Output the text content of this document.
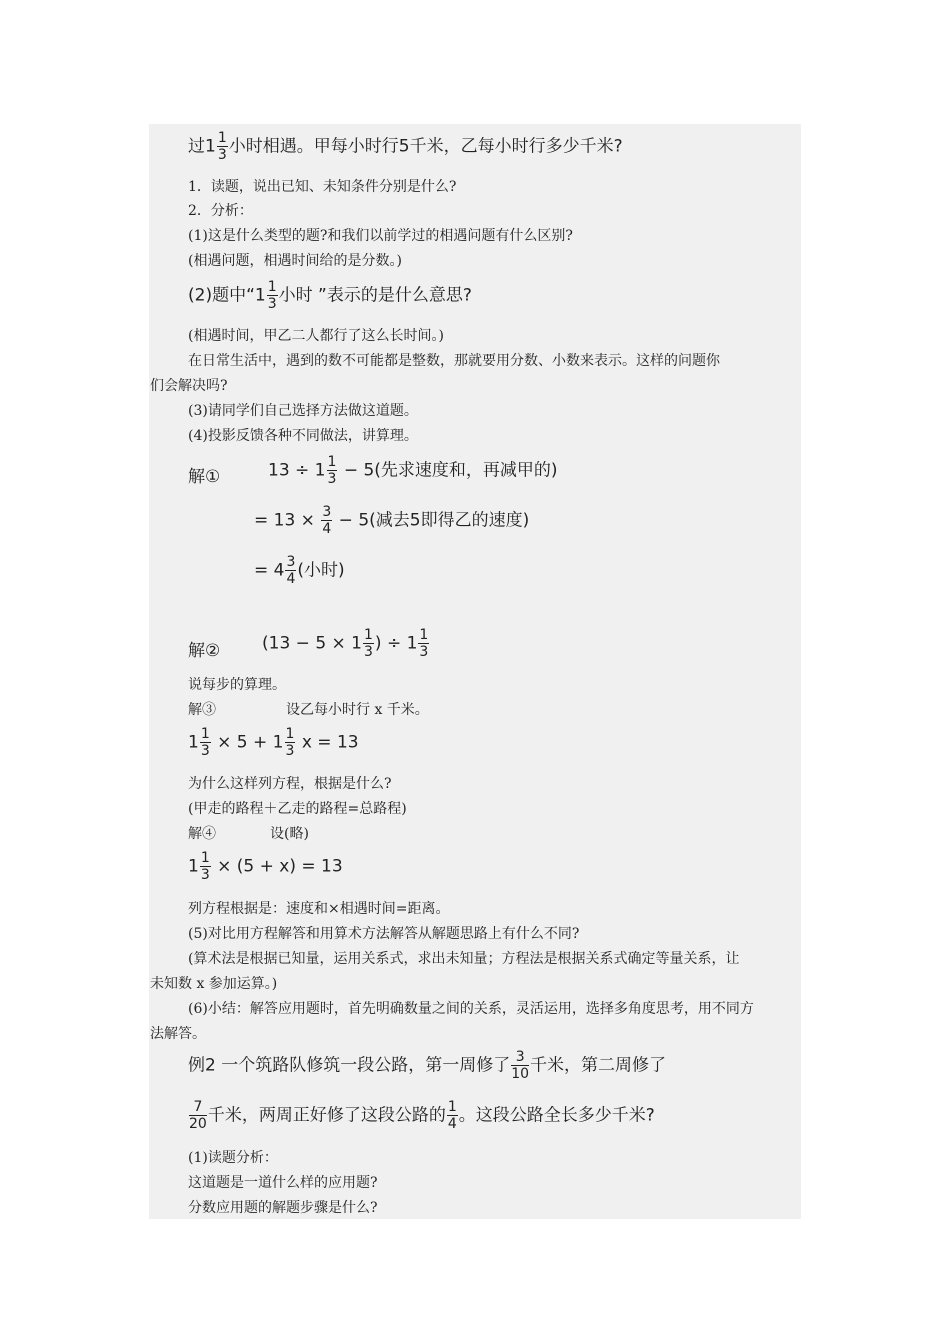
过$1 \frac{1}{3}$ 小时相遇。甲每小时行5千米，乙每小时行多少千米?
1．读题，说出已知、未知条件分别是什么?
2．分析：
(1)这是什么类型的题?和我们以前学过的相遇问题有什么区别?
(相遇问题，相遇时间给的是分数。)
(2)题中“$1 \frac{1}{3}$ 小时 ”表示的是什么意思?
(相遇时间，甲乙二人都行了这么长时间。)
在日常生活中，遇到的数不可能都是整数，那就要用分数、小数来表示。这样的问题你
们会解决吗?
(3)请同学们自己选择方法做这道题。
(4)投影反馈各种不同做法，讲算理。
解①	$13 \div 1 \frac{1}{3} - 5$(先求速度和，再减甲的)
= $13 \times \frac{3}{4} - 5$(减去5即得乙的速度)
= $4 \frac{3}{4}$ (小时)
解② ($13 - 5 \times 1 \frac{1}{3}$ ) ÷ $1 \frac{1}{3}$
说每步的算理。
解③	设乙每小时行 x 千米。
$1 \frac{1}{3} \times 5 + 1 \frac{1}{3}$ x = 13
为什么这样列方程，根据是什么?
(甲走的路程＋乙走的路程=总路程)
解④	设(略)
$1 \frac{1}{3} \times (5 + x) = 13$
列方程根据是：速度和×相遇时间=距离。
(5)对比用方程解答和用算术方法解答从解题思路上有什么不同?
(算术法是根据已知量，运用关系式，求出未知量；方程法是根据关系式确定等量关系，让
未知数 x 参加运算。)
(6)小结：解答应用题时，首先明确数量之间的关系，灵活运用，选择多角度思考，用不同方
法解答。
例2 一个筑路队修筑一段公路，第一周修了 $\frac{3}{10}$ 千米，第二周修了
$\frac{7}{20}$ 千米，两周正好修了这段公路的 $\frac{1}{4}$ 。这段公路全长多少千米?
(1)读题分析：
这道题是一道什么样的应用题?
分数应用题的解题步骤是什么?
